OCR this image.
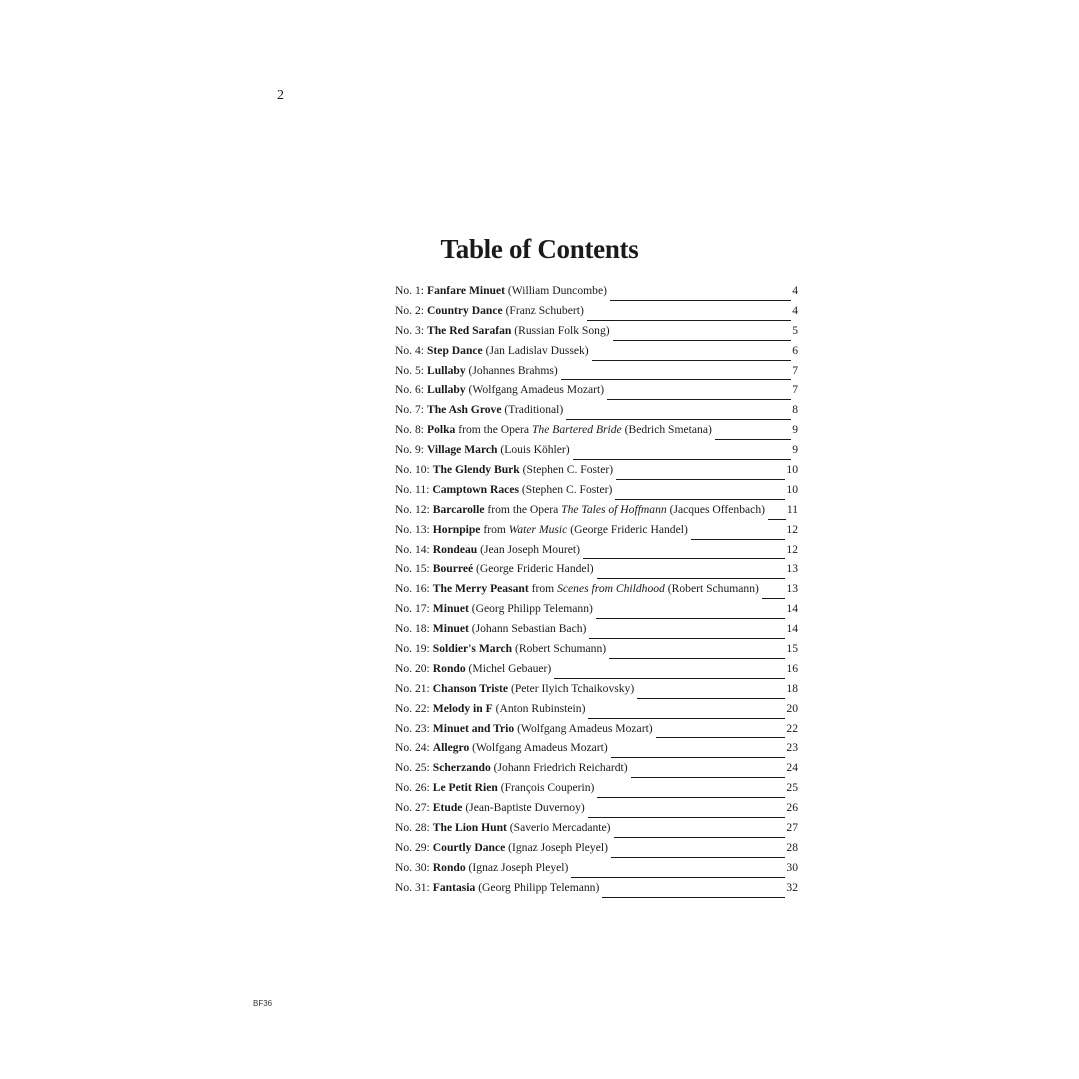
2
Table of Contents
No. 1: Fanfare Minuet (William Duncombe)	4
No. 2: Country Dance (Franz Schubert)	4
No. 3: The Red Sarafan (Russian Folk Song)	5
No. 4: Step Dance (Jan Ladislav Dussek)	6
No. 5: Lullaby (Johannes Brahms)	7
No. 6: Lullaby (Wolfgang Amadeus Mozart)	7
No. 7: The Ash Grove (Traditional)	8
No. 8: Polka from the Opera The Bartered Bride (Bedrich Smetana)	9
No. 9: Village March (Louis Köhler)	9
No. 10: The Glendy Burk (Stephen C. Foster)	10
No. 11: Camptown Races (Stephen C. Foster)	10
No. 12: Barcarolle from the Opera The Tales of Hoffmann (Jacques Offenbach) 11
No. 13: Hornpipe from Water Music (George Frideric Handel)	12
No. 14: Rondeau (Jean Joseph Mouret)	12
No. 15: Bourreé (George Frideric Handel)	13
No. 16: The Merry Peasant from Scenes from Childhood (Robert Schumann) 13
No. 17: Minuet (Georg Philipp Telemann)	14
No. 18: Minuet (Johann Sebastian Bach)	14
No. 19: Soldier's March (Robert Schumann)	15
No. 20: Rondo (Michel Gebauer)	16
No. 21: Chanson Triste (Peter Ilyich Tchaikovsky)	18
No. 22: Melody in F (Anton Rubinstein)	20
No. 23: Minuet and Trio (Wolfgang Amadeus Mozart)	22
No. 24: Allegro (Wolfgang Amadeus Mozart)	23
No. 25: Scherzando (Johann Friedrich Reichardt)	24
No. 26: Le Petit Rien (François Couperin)	25
No. 27: Etude (Jean-Baptiste Duvernoy)	26
No. 28: The Lion Hunt (Saverio Mercadante)	27
No. 29: Courtly Dance (Ignaz Joseph Pleyel)	28
No. 30: Rondo (Ignaz Joseph Pleyel)	30
No. 31: Fantasia (Georg Philipp Telemann)	32
BF36
